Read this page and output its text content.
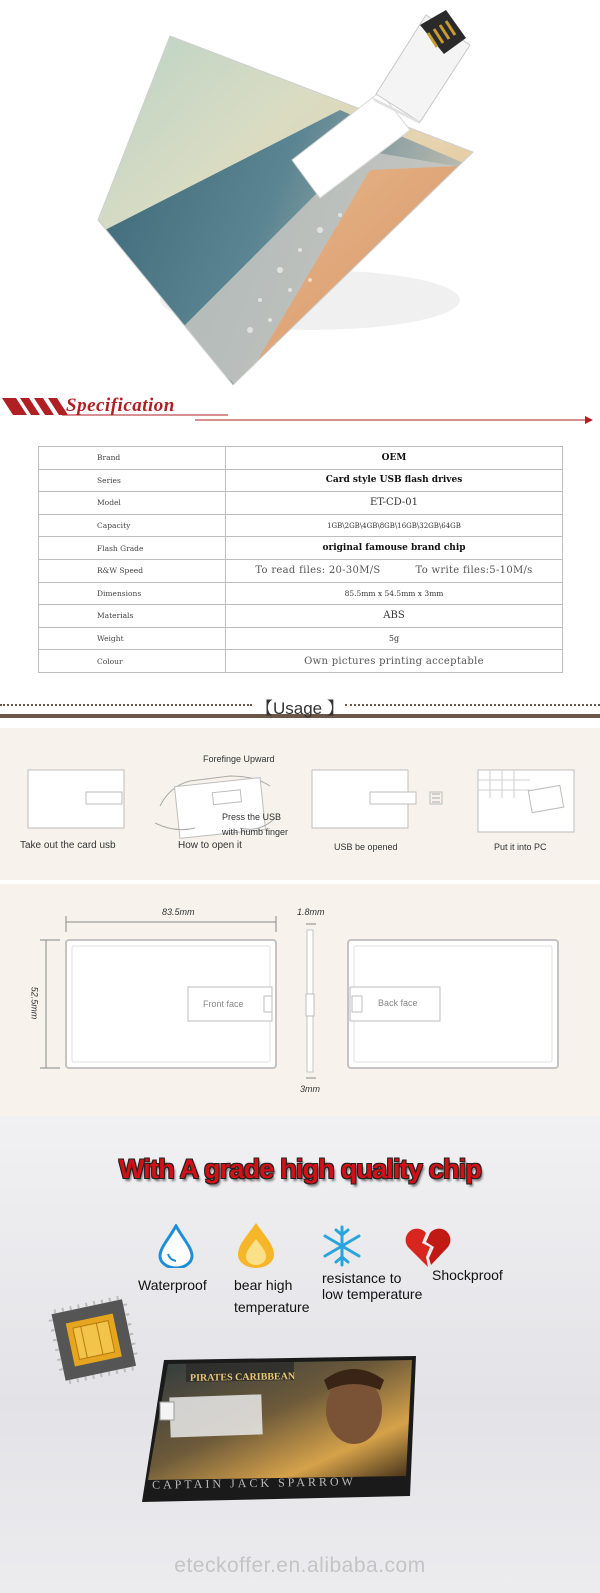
Specification
Brand	OEM
Series	Card style USB flash drives
Model	ET-CD-01
Capacity	1GB\2GB\4GB\8GB\16GB\32GB\64GB
Flash Grade	original famouse brand chip
R&W Speed	To read files: 20-30M/S To write files:5-10M/s
Dimensions	85.5mm x 54.5mm x 3mm
Materials	ABS
Weight	5g
Colour	Own pictures printing acceptable
【Usage 】
Take out the card usb	How to open it
Forefinge Upward
Press the USB
with humb finger
USB be opened	Put it into PC
83.5mm	1.8mm
52.5mm
3mm
Front face	Back face
With A grade high quality chip
Waterproof bear high
temperature
resistance to
low temperature
Shockproof
PIRATES CARIBBEAN
CAPTAIN JACK SPARROW
eteckoffer.en.alibaba.com
